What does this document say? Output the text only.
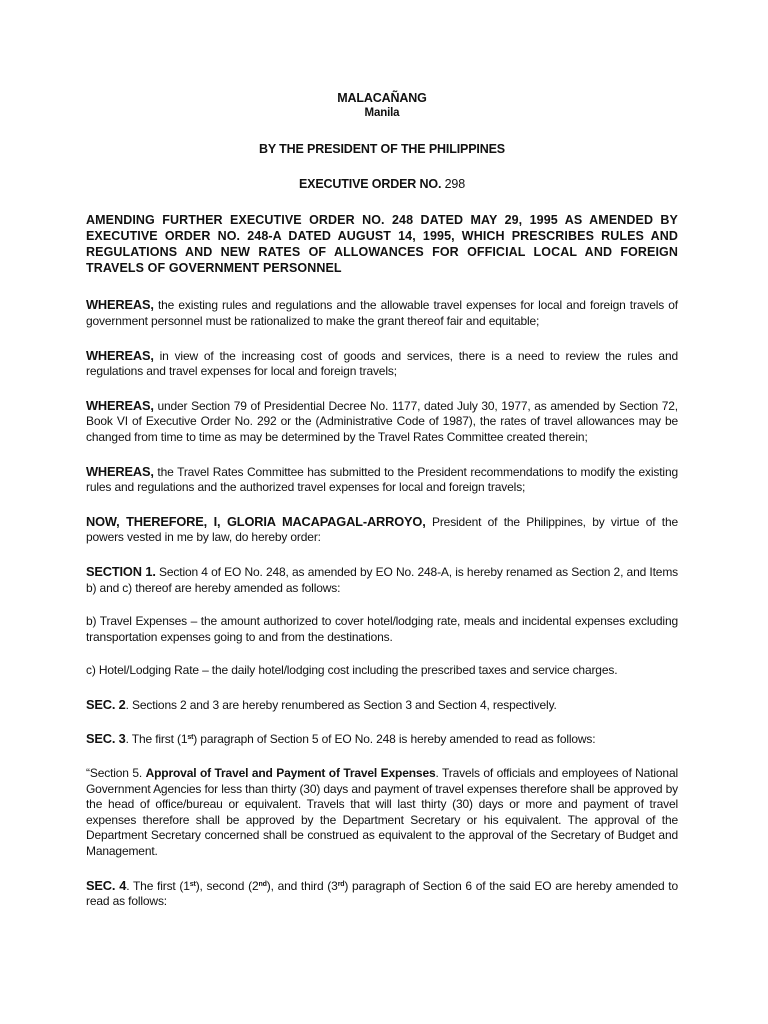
MALACAÑANG

Manila

BY THE PRESIDENT OF THE PHILIPPINES

EXECUTIVE ORDER NO. 298

AMENDING FURTHER EXECUTIVE ORDER NO. 248 DATED MAY 29, 1995 AS AMENDED BY EXECUTIVE ORDER NO. 248-A DATED AUGUST 14, 1995, WHICH PRESCRIBES RULES AND REGULATIONS AND NEW RATES OF ALLOWANCES FOR OFFICIAL LOCAL AND FOREIGN TRAVELS OF GOVERNMENT PERSONNEL

WHEREAS, the existing rules and regulations and the allowable travel expenses for local and foreign travels of government personnel must be rationalized to make the grant thereof fair and equitable;

WHEREAS, in view of the increasing cost of goods and services, there is a need to review the rules and regulations and travel expenses for local and foreign travels;

WHEREAS, under Section 79 of Presidential Decree No. 1177, dated July 30, 1977, as amended by Section 72, Book VI of Executive Order No. 292 or the (Administrative Code of 1987), the rates of travel allowances may be changed from time to time as may be determined by the Travel Rates Committee created therein;

WHEREAS, the Travel Rates Committee has submitted to the President recommendations to modify the existing rules and regulations and the authorized travel expenses for local and foreign travels;

NOW, THEREFORE, I, GLORIA MACAPAGAL-ARROYO, President of the Philippines, by virtue of the powers vested in me by law, do hereby order:

SECTION 1. Section 4 of EO No. 248, as amended by EO No. 248-A, is hereby renamed as Section 2, and Items b) and c) thereof are hereby amended as follows:

b) Travel Expenses – the amount authorized to cover hotel/lodging rate, meals and incidental expenses excluding transportation expenses going to and from the destinations.

c) Hotel/Lodging Rate – the daily hotel/lodging cost including the prescribed taxes and service charges.

SEC. 2. Sections 2 and 3 are hereby renumbered as Section 3 and Section 4, respectively.

SEC. 3. The first (1st) paragraph of Section 5 of EO No. 248 is hereby amended to read as follows:

“Section 5. Approval of Travel and Payment of Travel Expenses. Travels of officials and employees of National Government Agencies for less than thirty (30) days and payment of travel expenses therefore shall be approved by the head of office/bureau or equivalent. Travels that will last thirty (30) days or more and payment of travel expenses therefore shall be approved by the Department Secretary or his equivalent. The approval of the Department Secretary concerned shall be construed as equivalent to the approval of the Secretary of Budget and Management.

SEC. 4. The first (1st), second (2nd), and third (3rd) paragraph of Section 6 of the said EO are hereby amended to read as follows:
